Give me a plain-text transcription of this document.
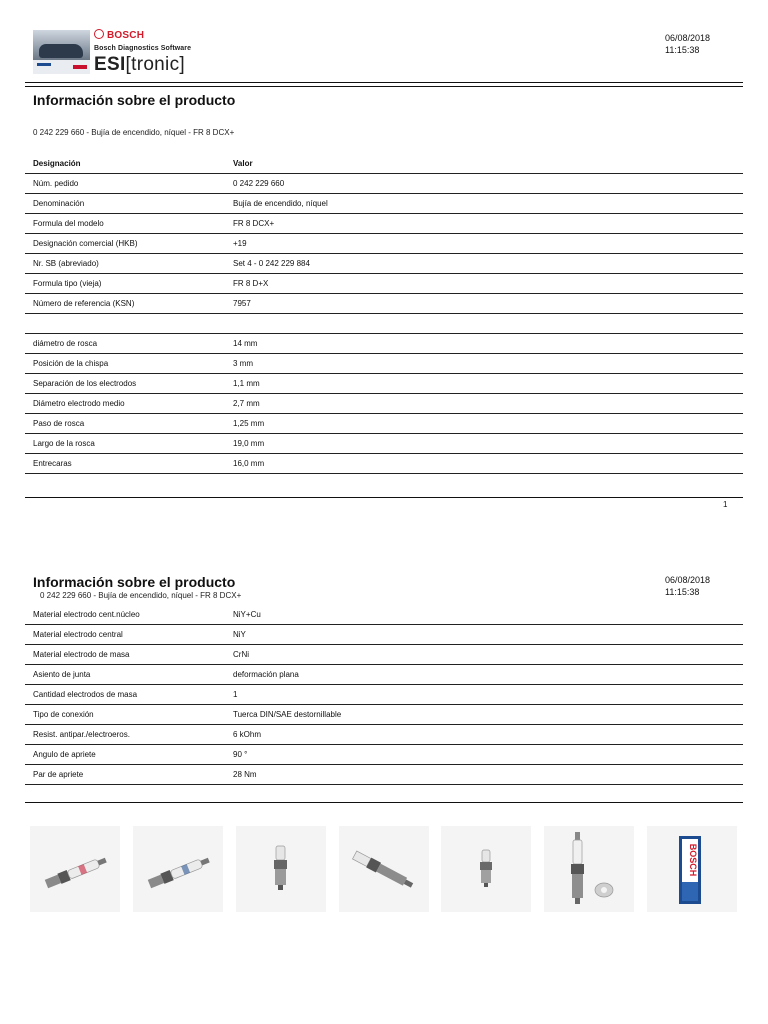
BOSCH
Bosch Diagnostics Software
ESI[tronic]
06/08/2018
11:15:38
Información sobre el producto
0 242 229 660 - Bujía de encendido, níquel - FR 8 DCX+
Designación	Valor
Núm. pedido	0 242 229 660
Denominación	Bujía de encendido, níquel
Formula del modelo	FR 8 DCX+
Designación comercial (HKB)	+19
Nr. SB (abreviado)	Set 4 - 0 242 229 884
Formula tipo (vieja)	FR 8 D+X
Número de referencia (KSN)	7957

diámetro de rosca	14 mm
Posición de la chispa	3 mm
Separación de los electrodos	1,1 mm
Diámetro electrodo medio	2,7 mm
Paso de rosca	1,25 mm
Largo de la rosca	19,0 mm
Entrecaras	16,0 mm
1
Información sobre el producto
0 242 229 660 - Bujía de encendido, níquel - FR 8 DCX+
06/08/2018
11:15:38
Material electrodo cent.núcleo	NiY+Cu
Material electrodo central	NiY
Material electrodo de masa	CrNi
Asiento de junta	deformación plana
Cantidad electrodos de masa	1
Tipo de conexión	Tuerca DIN/SAE destornillable
Resist. antipar./electroeros.	6 kOhm
Angulo de apriete	90 °
Par de apriete	28 Nm
BOSCH
